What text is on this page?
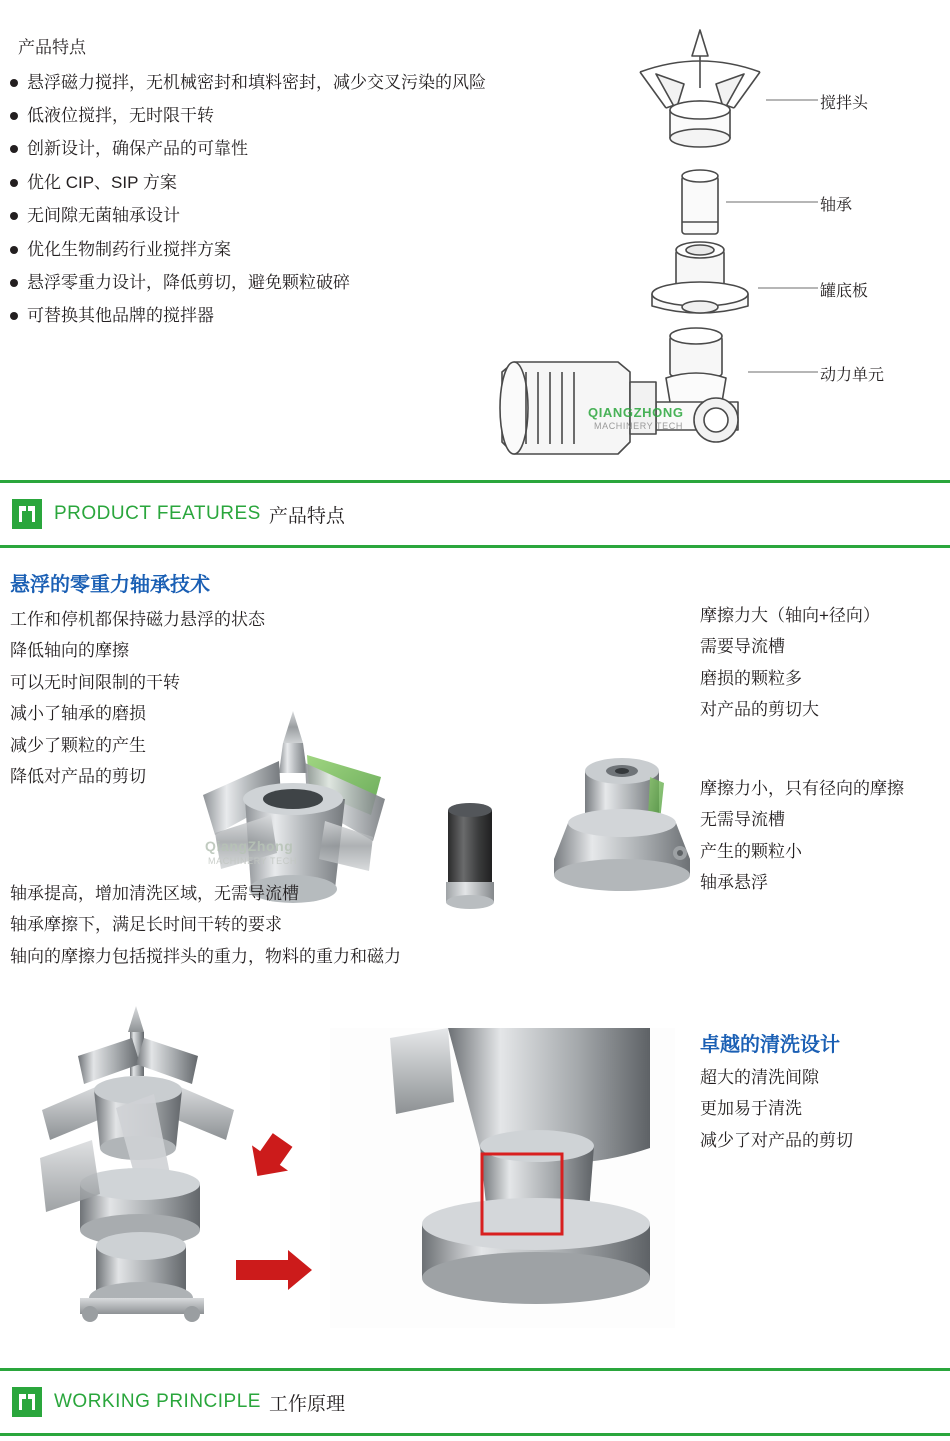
产品特点
悬浮磁力搅拌，无机械密封和填料密封，减少交叉污染的风险
低液位搅拌，无时限干转
创新设计，确保产品的可靠性
优化 CIP、SIP 方案
无间隙无菌轴承设计
优化生物制药行业搅拌方案
悬浮零重力设计，降低剪切，避免颗粒破碎
可替换其他品牌的搅拌器
搅拌头
轴承
罐底板
动力单元
QIANGZHONG
MACHINERY TECH
PRODUCT FEATURES 产品特点
悬浮的零重力轴承技术
工作和停机都保持磁力悬浮的状态
降低轴向的摩擦
可以无时间限制的干转
减小了轴承的磨损
减少了颗粒的产生
降低对产品的剪切
摩擦力大（轴向+径向）
需要导流槽
磨损的颗粒多
对产品的剪切大
摩擦力小，只有径向的摩擦
无需导流槽
产生的颗粒小
轴承悬浮
QiangZhong
MACHINERY TECH
轴承提高，增加清洗区域，无需导流槽
轴承摩擦下，满足长时间干转的要求
轴向的摩擦力包括搅拌头的重力，物料的重力和磁力
卓越的清洗设计
超大的清洗间隙
更加易于清洗
减少了对产品的剪切
WORKING PRINCIPLE 工作原理
